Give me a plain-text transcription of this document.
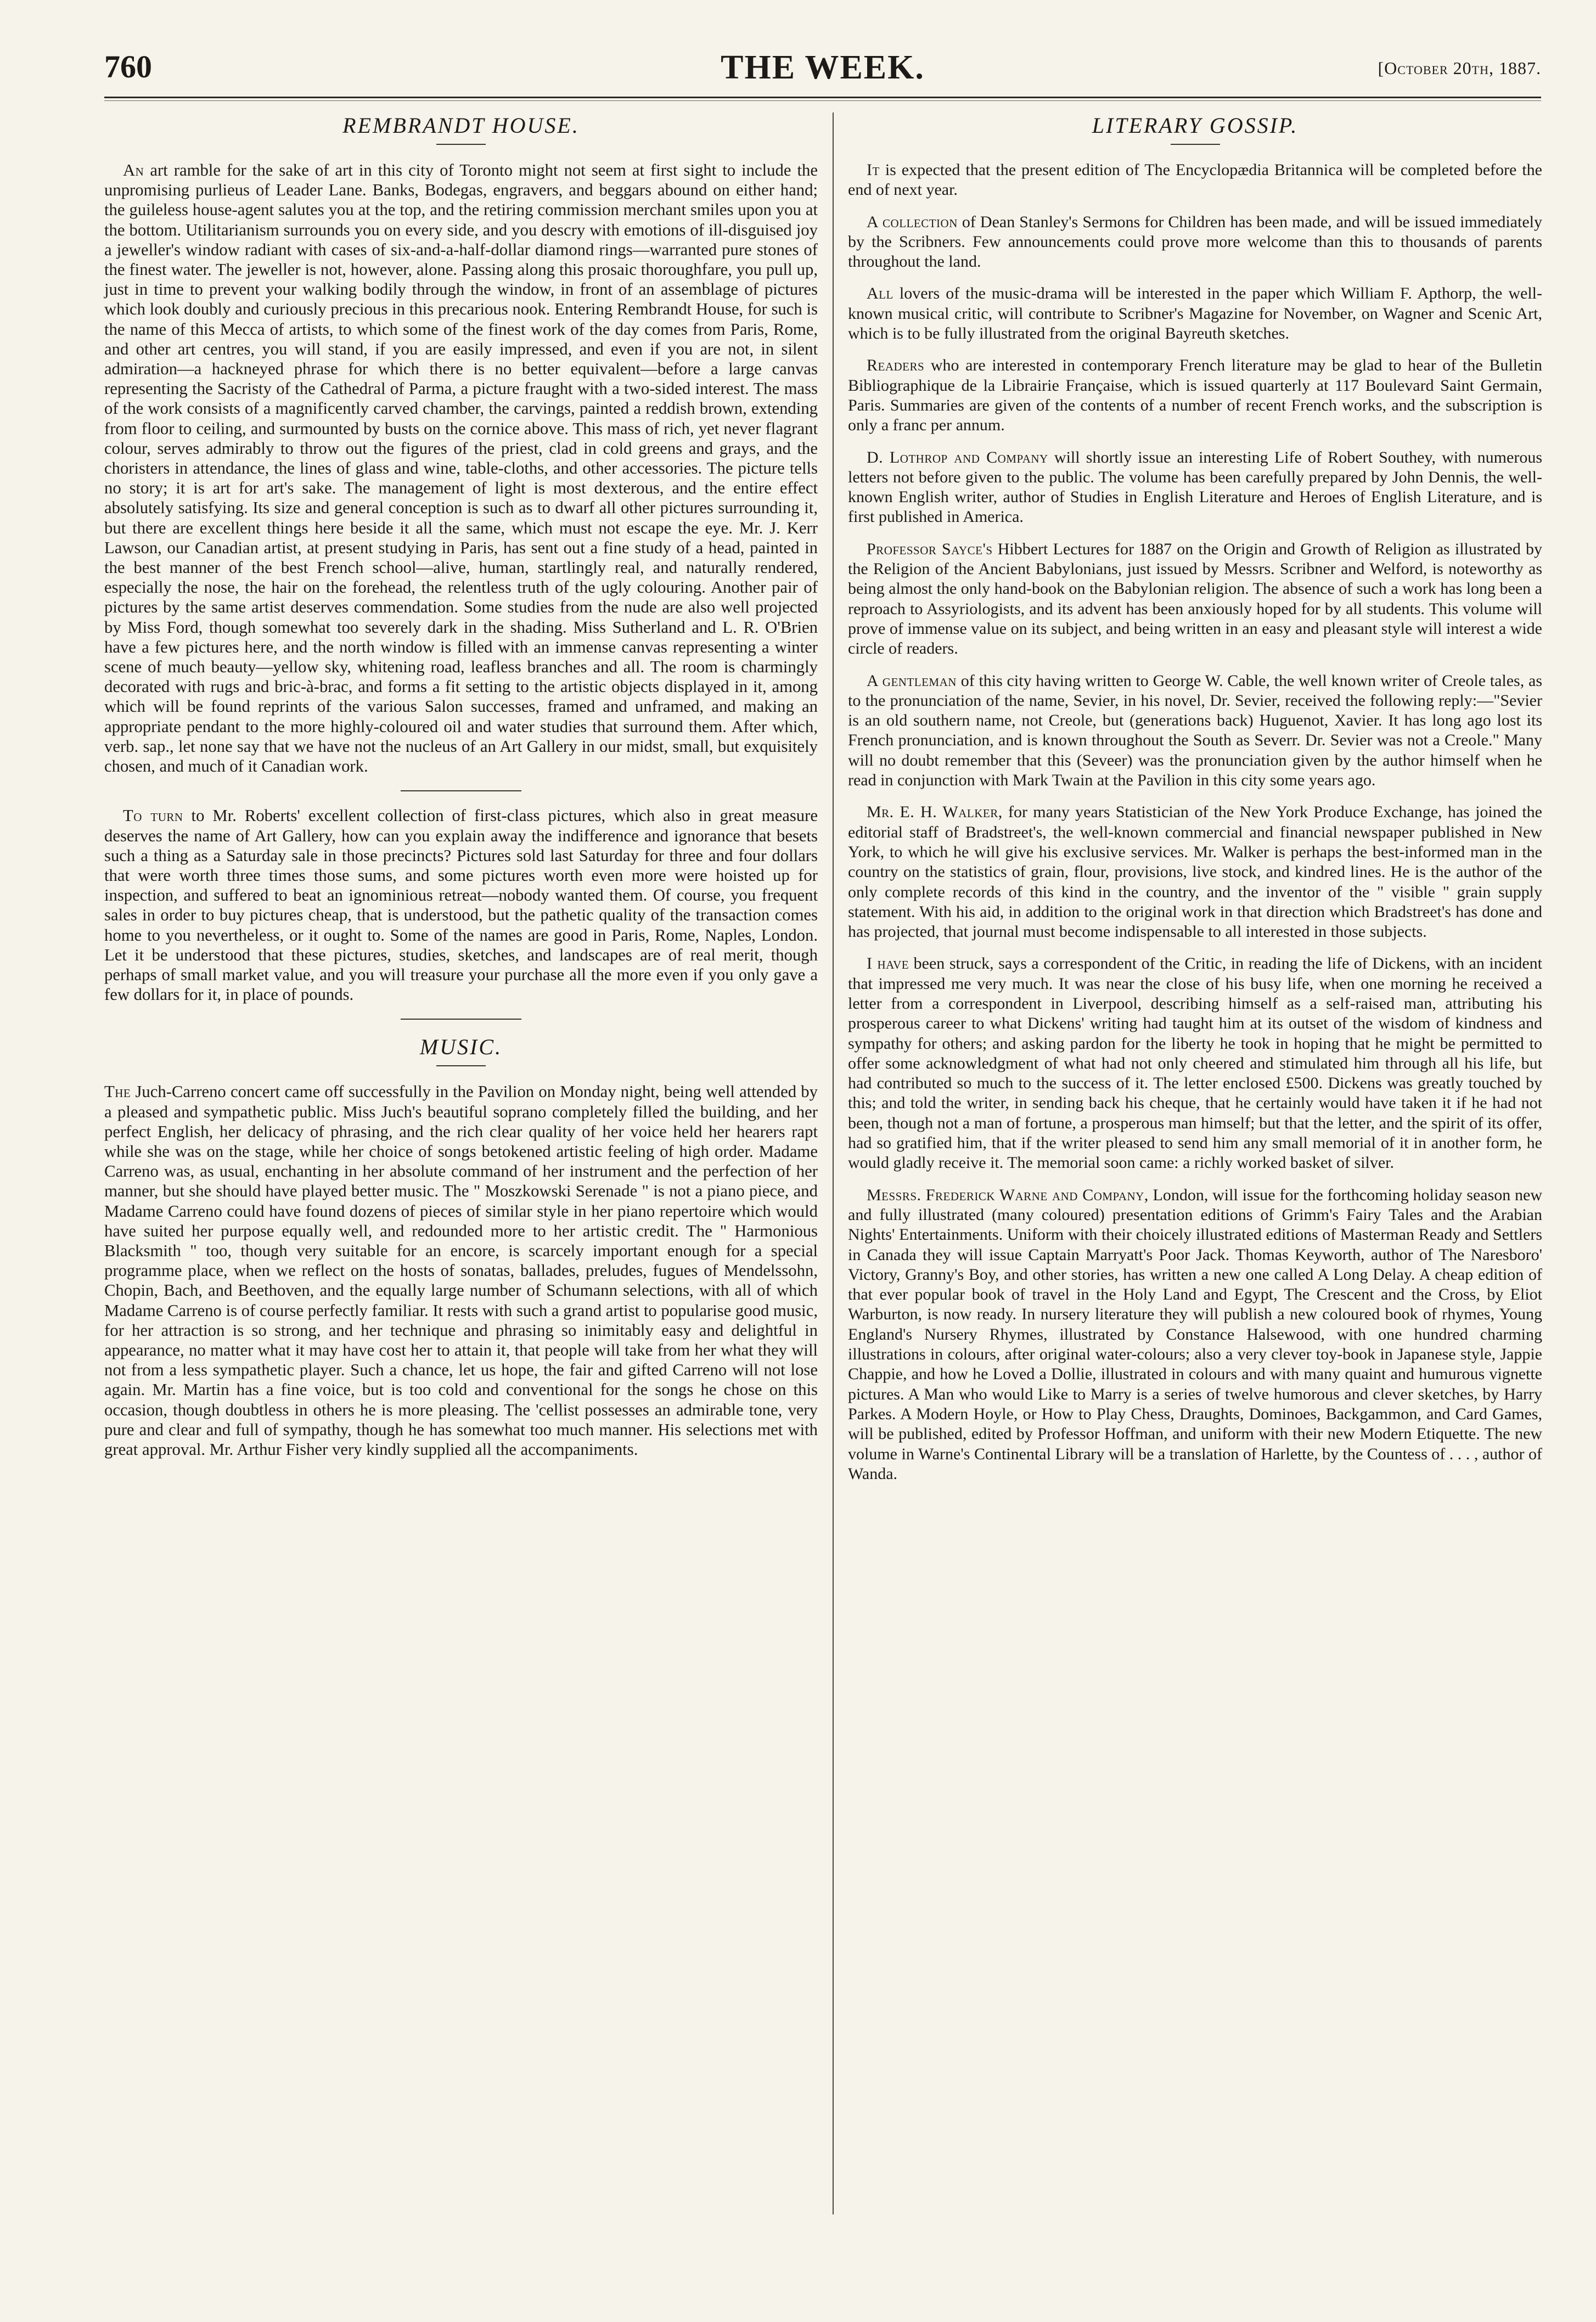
760	THE WEEK.	[October 20th, 1887.
REMBRANDT HOUSE.

An art ramble for the sake of art in this city of Toronto might not seem at first sight to include the unpromising purlieus of Leader Lane. Banks, Bodegas, engravers, and beggars abound on either hand; the guileless house-agent salutes you at the top, and the retiring commission merchant smiles upon you at the bottom. Utilitarianism surrounds you on every side, and you descry with emotions of ill-disguised joy a jeweller's window radiant with cases of six-and-a-half-dollar diamond rings—warranted pure stones of the finest water. The jeweller is not, however, alone. Passing along this prosaic thoroughfare, you pull up, just in time to prevent your walking bodily through the window, in front of an assemblage of pictures which look doubly and curiously precious in this precarious nook. Entering Rembrandt House, for such is the name of this Mecca of artists, to which some of the finest work of the day comes from Paris, Rome, and other art centres, you will stand, if you are easily impressed, and even if you are not, in silent admiration—a hackneyed phrase for which there is no better equivalent—before a large canvas representing the Sacristy of the Cathedral of Parma, a picture fraught with a two-sided interest. The mass of the work consists of a magnificently carved chamber, the carvings, painted a reddish brown, extending from floor to ceiling, and surmounted by busts on the cornice above. This mass of rich, yet never flagrant colour, serves admirably to throw out the figures of the priest, clad in cold greens and grays, and the choristers in attendance, the lines of glass and wine, table-cloths, and other accessories. The picture tells no story; it is art for art's sake. The management of light is most dexterous, and the entire effect absolutely satisfying. Its size and general conception is such as to dwarf all other pictures surrounding it, but there are excellent things here beside it all the same, which must not escape the eye. Mr. J. Kerr Lawson, our Canadian artist, at present studying in Paris, has sent out a fine study of a head, painted in the best manner of the best French school—alive, human, startlingly real, and naturally rendered, especially the nose, the hair on the forehead, the relentless truth of the ugly colouring. Another pair of pictures by the same artist deserves commendation. Some studies from the nude are also well projected by Miss Ford, though somewhat too severely dark in the shading. Miss Sutherland and L. R. O'Brien have a few pictures here, and the north window is filled with an immense canvas representing a winter scene of much beauty—yellow sky, whitening road, leafless branches and all. The room is charmingly decorated with rugs and bric-à-brac, and forms a fit setting to the artistic objects displayed in it, among which will be found reprints of the various Salon successes, framed and unframed, and making an appropriate pendant to the more highly-coloured oil and water studies that surround them. After which, verb. sap., let none say that we have not the nucleus of an Art Gallery in our midst, small, but exquisitely chosen, and much of it Canadian work.

To turn to Mr. Roberts' excellent collection of first-class pictures, which also in great measure deserves the name of Art Gallery, how can you explain away the indifference and ignorance that besets such a thing as a Saturday sale in those precincts? Pictures sold last Saturday for three and four dollars that were worth three times those sums, and some pictures worth even more were hoisted up for inspection, and suffered to beat an ignominious retreat—nobody wanted them. Of course, you frequent sales in order to buy pictures cheap, that is understood, but the pathetic quality of the transaction comes home to you nevertheless, or it ought to. Some of the names are good in Paris, Rome, Naples, London. Let it be understood that these pictures, studies, sketches, and landscapes are of real merit, though perhaps of small market value, and you will treasure your purchase all the more even if you only gave a few dollars for it, in place of pounds.

MUSIC.

The Juch-Carreno concert came off successfully in the Pavilion on Monday night, being well attended by a pleased and sympathetic public. Miss Juch's beautiful soprano completely filled the building, and her perfect English, her delicacy of phrasing, and the rich clear quality of her voice held her hearers rapt while she was on the stage, while her choice of songs betokened artistic feeling of high order. Madame Carreno was, as usual, enchanting in her absolute command of her instrument and the perfection of her manner, but she should have played better music. The " Moszkowski Serenade " is not a piano piece, and Madame Carreno could have found dozens of pieces of similar style in her piano repertoire which would have suited her purpose equally well, and redounded more to her artistic credit. The " Harmonious Blacksmith " too, though very suitable for an encore, is scarcely important enough for a special programme place, when we reflect on the hosts of sonatas, ballades, preludes, fugues of Mendelssohn, Chopin, Bach, and Beethoven, and the equally large number of Schumann selections, with all of which Madame Carreno is of course perfectly familiar. It rests with such a grand artist to popularise good music, for her attraction is so strong, and her technique and phrasing so inimitably easy and delightful in appearance, no matter what it may have cost her to attain it, that people will take from her what they will not from a less sympathetic player. Such a chance, let us hope, the fair and gifted Carreno will not lose again. Mr. Martin has a fine voice, but is too cold and conventional for the songs he chose on this occasion, though doubtless in others he is more pleasing. The 'cellist possesses an admirable tone, very pure and clear and full of sympathy, though he has somewhat too much manner. His selections met with great approval. Mr. Arthur Fisher very kindly supplied all the accompaniments.

LITERARY GOSSIP.

It is expected that the present edition of The Encyclopædia Britannica will be completed before the end of next year.

A collection of Dean Stanley's Sermons for Children has been made, and will be issued immediately by the Scribners. Few announcements could prove more welcome than this to thousands of parents throughout the land.

All lovers of the music-drama will be interested in the paper which William F. Apthorp, the well-known musical critic, will contribute to Scribner's Magazine for November, on Wagner and Scenic Art, which is to be fully illustrated from the original Bayreuth sketches.

Readers who are interested in contemporary French literature may be glad to hear of the Bulletin Bibliographique de la Librairie Française, which is issued quarterly at 117 Boulevard Saint Germain, Paris. Summaries are given of the contents of a number of recent French works, and the subscription is only a franc per annum.

D. Lothrop and Company will shortly issue an interesting Life of Robert Southey, with numerous letters not before given to the public. The volume has been carefully prepared by John Dennis, the well-known English writer, author of Studies in English Literature and Heroes of English Literature, and is first published in America.

Professor Sayce's Hibbert Lectures for 1887 on the Origin and Growth of Religion as illustrated by the Religion of the Ancient Babylonians, just issued by Messrs. Scribner and Welford, is noteworthy as being almost the only hand-book on the Babylonian religion. The absence of such a work has long been a reproach to Assyriologists, and its advent has been anxiously hoped for by all students. This volume will prove of immense value on its subject, and being written in an easy and pleasant style will interest a wide circle of readers.

A gentleman of this city having written to George W. Cable, the well known writer of Creole tales, as to the pronunciation of the name, Sevier, in his novel, Dr. Sevier, received the following reply:—"Sevier is an old southern name, not Creole, but (generations back) Huguenot, Xavier. It has long ago lost its French pronunciation, and is known throughout the South as Severr. Dr. Sevier was not a Creole." Many will no doubt remember that this (Seveer) was the pronunciation given by the author himself when he read in conjunction with Mark Twain at the Pavilion in this city some years ago.

Mr. E. H. Walker, for many years Statistician of the New York Produce Exchange, has joined the editorial staff of Bradstreet's, the well-known commercial and financial newspaper published in New York, to which he will give his exclusive services. Mr. Walker is perhaps the best-informed man in the country on the statistics of grain, flour, provisions, live stock, and kindred lines. He is the author of the only complete records of this kind in the country, and the inventor of the " visible " grain supply statement. With his aid, in addition to the original work in that direction which Bradstreet's has done and has projected, that journal must become indispensable to all interested in those subjects.

I have been struck, says a correspondent of the Critic, in reading the life of Dickens, with an incident that impressed me very much. It was near the close of his busy life, when one morning he received a letter from a correspondent in Liverpool, describing himself as a self-raised man, attributing his prosperous career to what Dickens' writing had taught him at its outset of the wisdom of kindness and sympathy for others; and asking pardon for the liberty he took in hoping that he might be permitted to offer some acknowledgment of what had not only cheered and stimulated him through all his life, but had contributed so much to the success of it. The letter enclosed £500. Dickens was greatly touched by this; and told the writer, in sending back his cheque, that he certainly would have taken it if he had not been, though not a man of fortune, a prosperous man himself; but that the letter, and the spirit of its offer, had so gratified him, that if the writer pleased to send him any small memorial of it in another form, he would gladly receive it. The memorial soon came: a richly worked basket of silver.

Messrs. Frederick Warne and Company, London, will issue for the forthcoming holiday season new and fully illustrated (many coloured) presentation editions of Grimm's Fairy Tales and the Arabian Nights' Entertainments. Uniform with their choicely illustrated editions of Masterman Ready and Settlers in Canada they will issue Captain Marryatt's Poor Jack. Thomas Keyworth, author of The Naresboro' Victory, Granny's Boy, and other stories, has written a new one called A Long Delay. A cheap edition of that ever popular book of travel in the Holy Land and Egypt, The Crescent and the Cross, by Eliot Warburton, is now ready. In nursery literature they will publish a new coloured book of rhymes, Young England's Nursery Rhymes, illustrated by Constance Halsewood, with one hundred charming illustrations in colours, after original water-colours; also a very clever toy-book in Japanese style, Jappie Chappie, and how he Loved a Dollie, illustrated in colours and with many quaint and humurous vignette pictures. A Man who would Like to Marry is a series of twelve humorous and clever sketches, by Harry Parkes. A Modern Hoyle, or How to Play Chess, Draughts, Dominoes, Backgammon, and Card Games, will be published, edited by Professor Hoffman, and uniform with their new Modern Etiquette. The new volume in Warne's Continental Library will be a translation of Harlette, by the Countess of . . . , author of Wanda.
